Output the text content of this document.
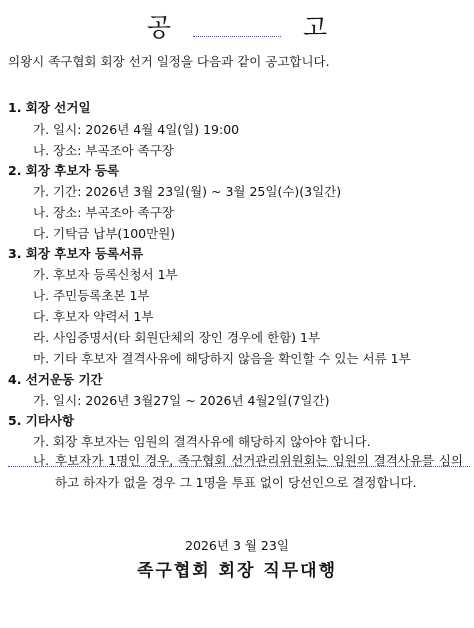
공 고
의왕시 족구협회 회장 선거 일정을 다음과 같이 공고합니다.
1. 회장 선거일
가. 일시: 2026년 4월 4일(일) 19:00
나. 장소: 부곡조아 족구장
2. 회장 후보자 등록
가. 기간: 2026년 3월 23일(월) ~ 3월 25일(수)(3일간)
나. 장소: 부곡조아 족구장
다. 기탁금 납부(100만원)
3. 회장 후보자 등록서류
가. 후보자 등록신청서 1부
나. 주민등록초본 1부
다. 후보자 약력서 1부
라. 사임증명서(타 회원단체의 장인 경우에 한함) 1부
마. 기타 후보자 결격사유에 해당하지 않음을 확인할 수 있는 서류 1부
4. 선거운동 기간
가. 일시: 2026년 3월27일 ~ 2026년 4월2일(7일간)
5. 기타사항
가. 회장 후보자는 임원의 결격사유에 해당하지 않아야 합니다.
나. 후보자가 1명인 경우, 족구협회 선거관리위원회는 임원의 결격사유를 심의하고 하자가 없을 경우 그 1명을 투표 없이 당선인으로 결정합니다.
2026년 3 월 23일
족구협회 회장 직무대행
